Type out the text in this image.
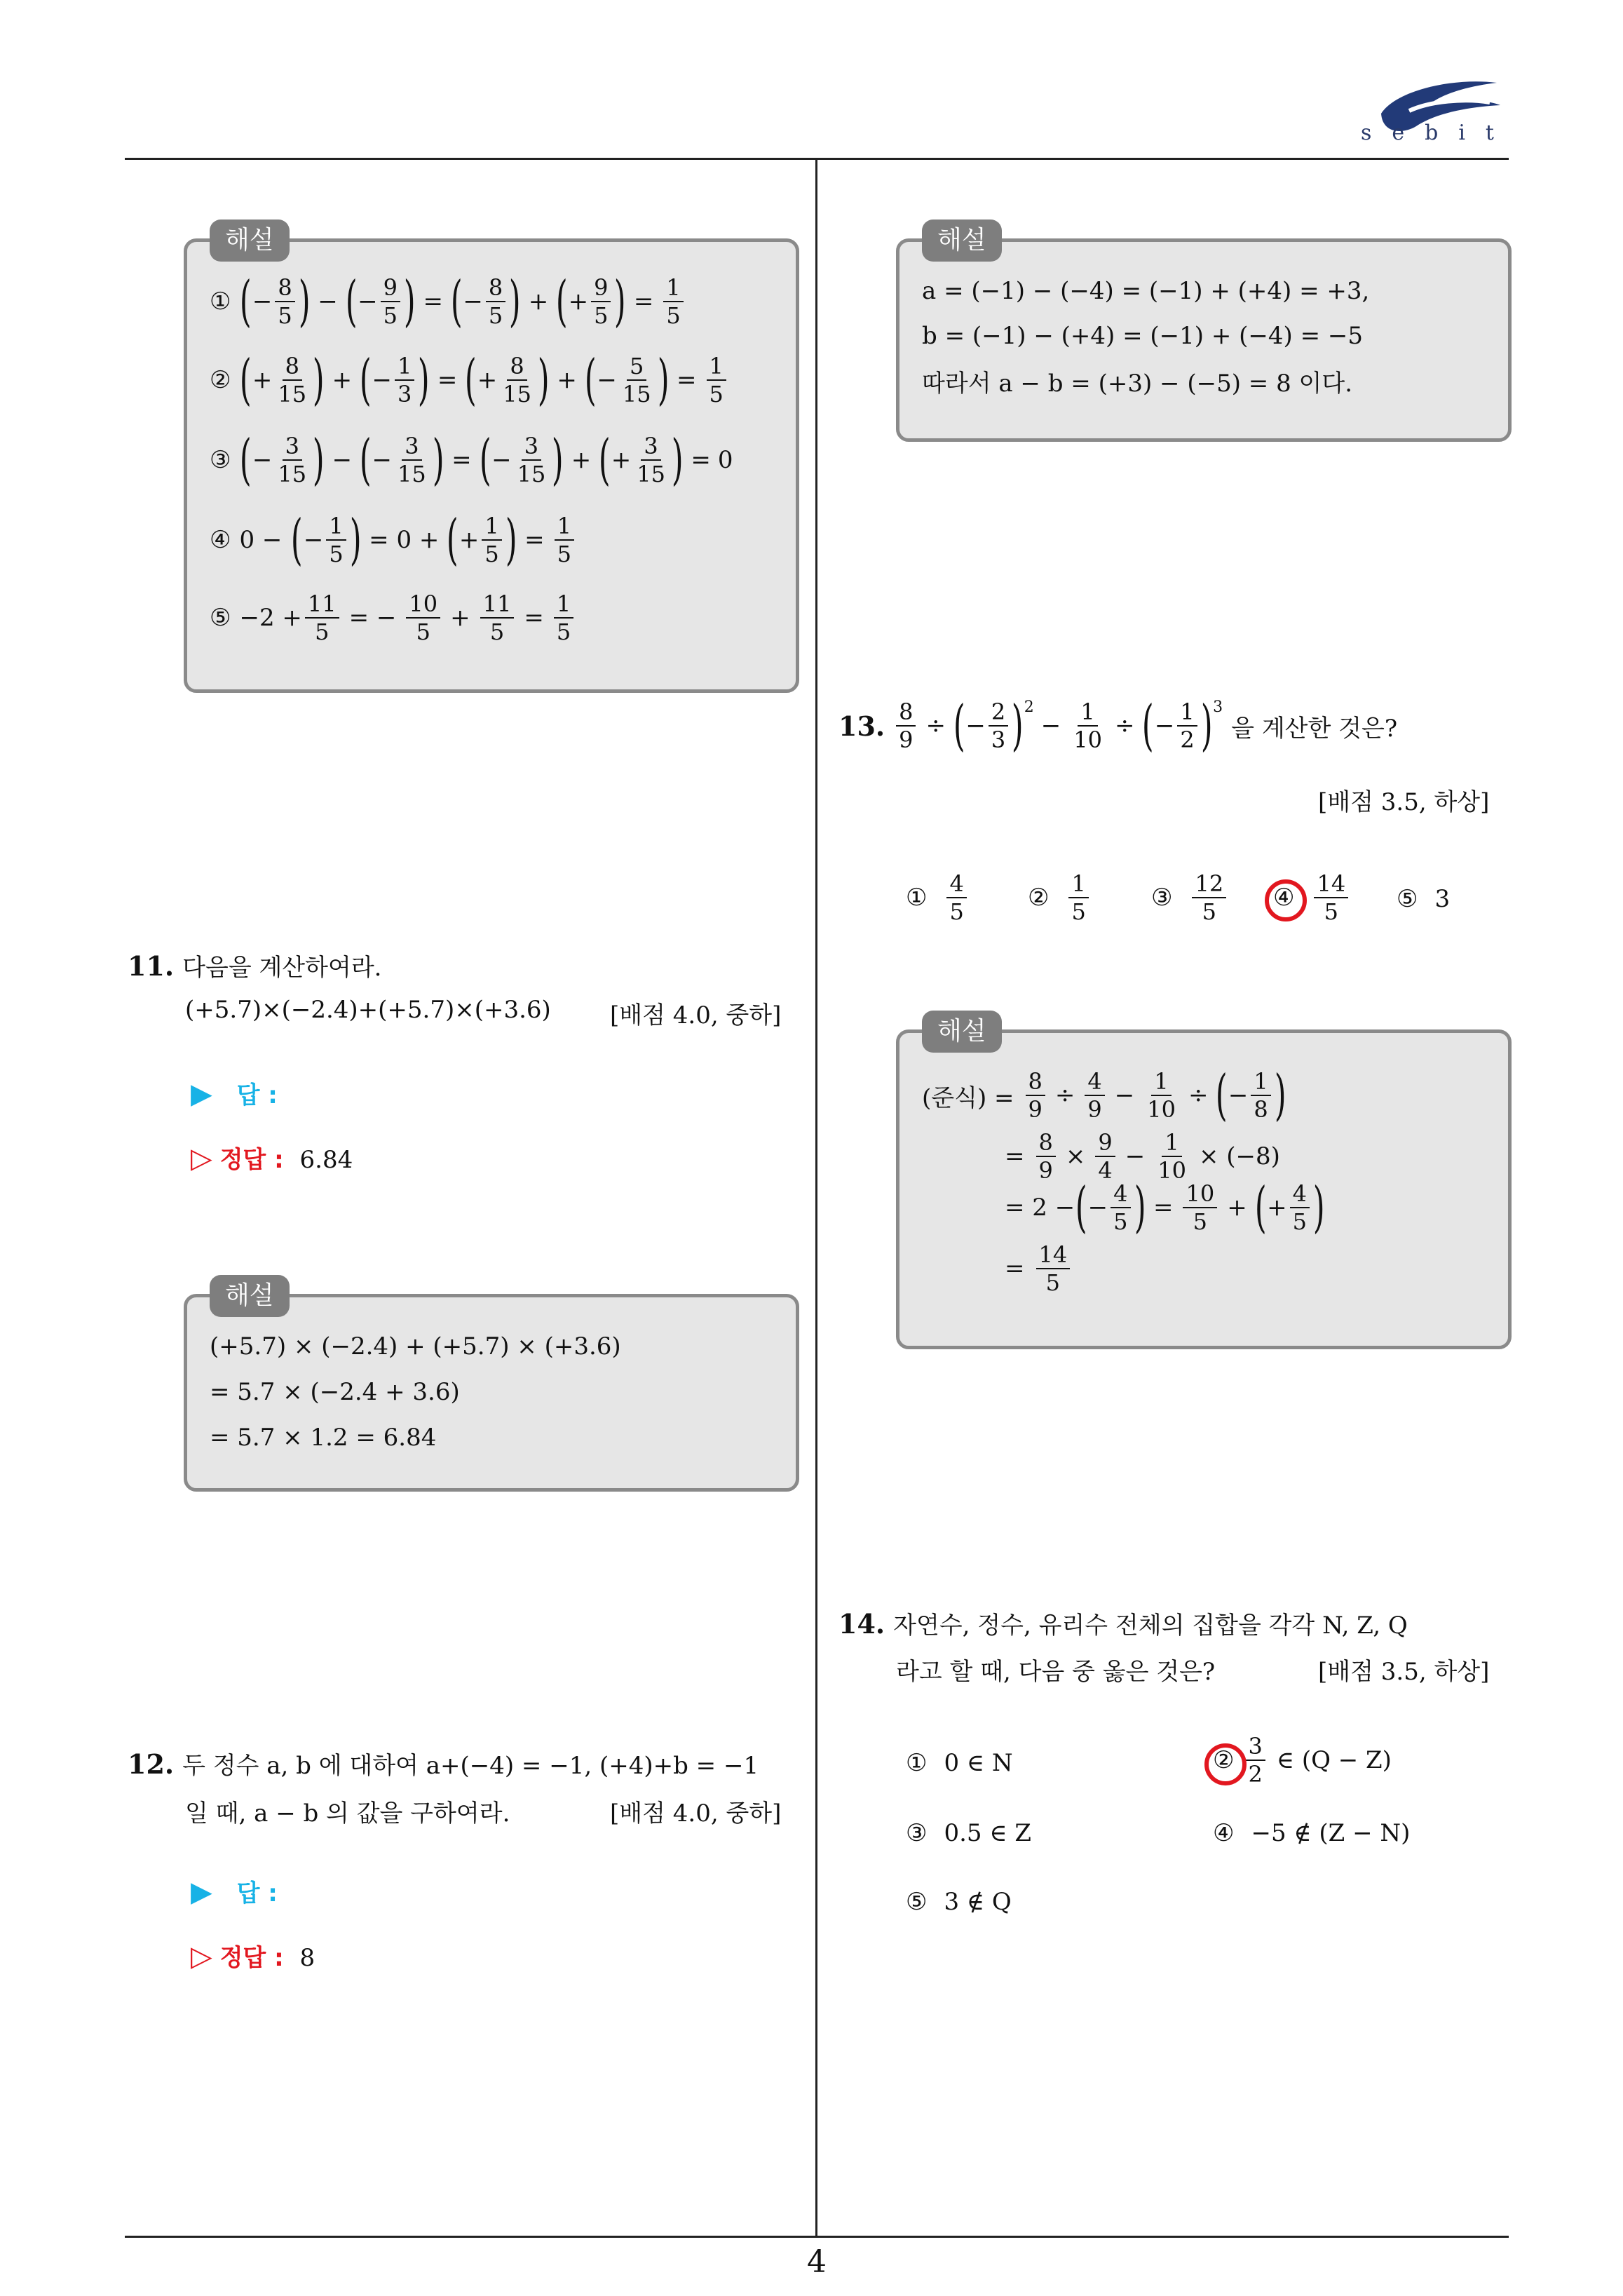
sebit
4
해설
① ( − $\frac{8}{5}$ ) − ( − $\frac{9}{5}$ ) = ( − $\frac{8}{5}$ ) + ( + $\frac{9}{5}$ ) = $\frac{1}{5}$
② ( + $\frac{8}{15}$ ) + ( − $\frac{1}{3}$ ) = ( + $\frac{8}{15}$ ) + ( − $\frac{5}{15}$ ) = $\frac{1}{5}$
③ ( − $\frac{3}{15}$ ) − ( − $\frac{3}{15}$ ) = ( − $\frac{3}{15}$ ) + ( + $\frac{3}{15}$ ) = 0
④ 0 − ( − $\frac{1}{5}$ ) = 0 + ( + $\frac{1}{5}$ ) = $\frac{1}{5}$
⑤ $-2 + \frac{11}{5}$ = − $\frac{10}{5} + \frac{11}{5} = \frac{1}{5}$
11. 다음을 계산하여라.
(+5.7)×(−2.4)+(+5.7)×(+3.6) [배점 4.0, 중하]
▶ 답 :
▷ 정답 : 6.84
해설
(+5.7) × (−2.4) + (+5.7) × (+3.6)
= 5.7 × (−2.4 + 3.6)
= 5.7 × 1.2 = 6.84
12. 두 정수 a, b 에 대하여 a+(−4) = −1, (+4)+b = −1
일 때, a − b 의 값을 구하여라.	[배점 4.0, 중하]
▶ 답 :
▷ 정답 : 8
해설
a = (−1) − (−4) = (−1) + (+4) = +3,
b = (−1) − (+4) = (−1) + (−4) = −5
따라서 a − b = (+3) − (−5) = 8 이다.
13. $\frac{8}{9}$ ÷ ( − $\frac{2}{3} )^2$
− $\frac{1}{10}$ ÷ ( − $\frac{1}{2} )^3$
을 계산한 것은?
[배점 3.5, 하상]
① $\frac{4}{5}$	② $\frac{1}{5}$	③ $\frac{12}{5}$ ④ $\frac{14}{5}$ ⑤ 3
해설
(준식) = $\frac{8}{9} \div \frac{4}{9} - \frac{1}{10}$ ÷ ( − $\frac{1}{8}$ )
= $\frac{8}{9} \times \frac{9}{4} - \frac{1}{10} \times (-8)$
= 2 − ( − $\frac{4}{5}$ ) = $\frac{10}{5}$ + ( + $\frac{4}{5}$ )
= $\frac{14}{5}$
14. 자연수, 정수, 유리수 전체의 집합을 각각 N, Z, Q
라고 할 때, 다음 중 옳은 것은?	[배점 3.5, 하상]
① 0 ∈ N	② $\frac{3}{2}$ ∈ (Q − Z)
③ 0.5 ∈ Z	④ −5 ∉ (Z − N)
⑤ 3 ∉ Q
